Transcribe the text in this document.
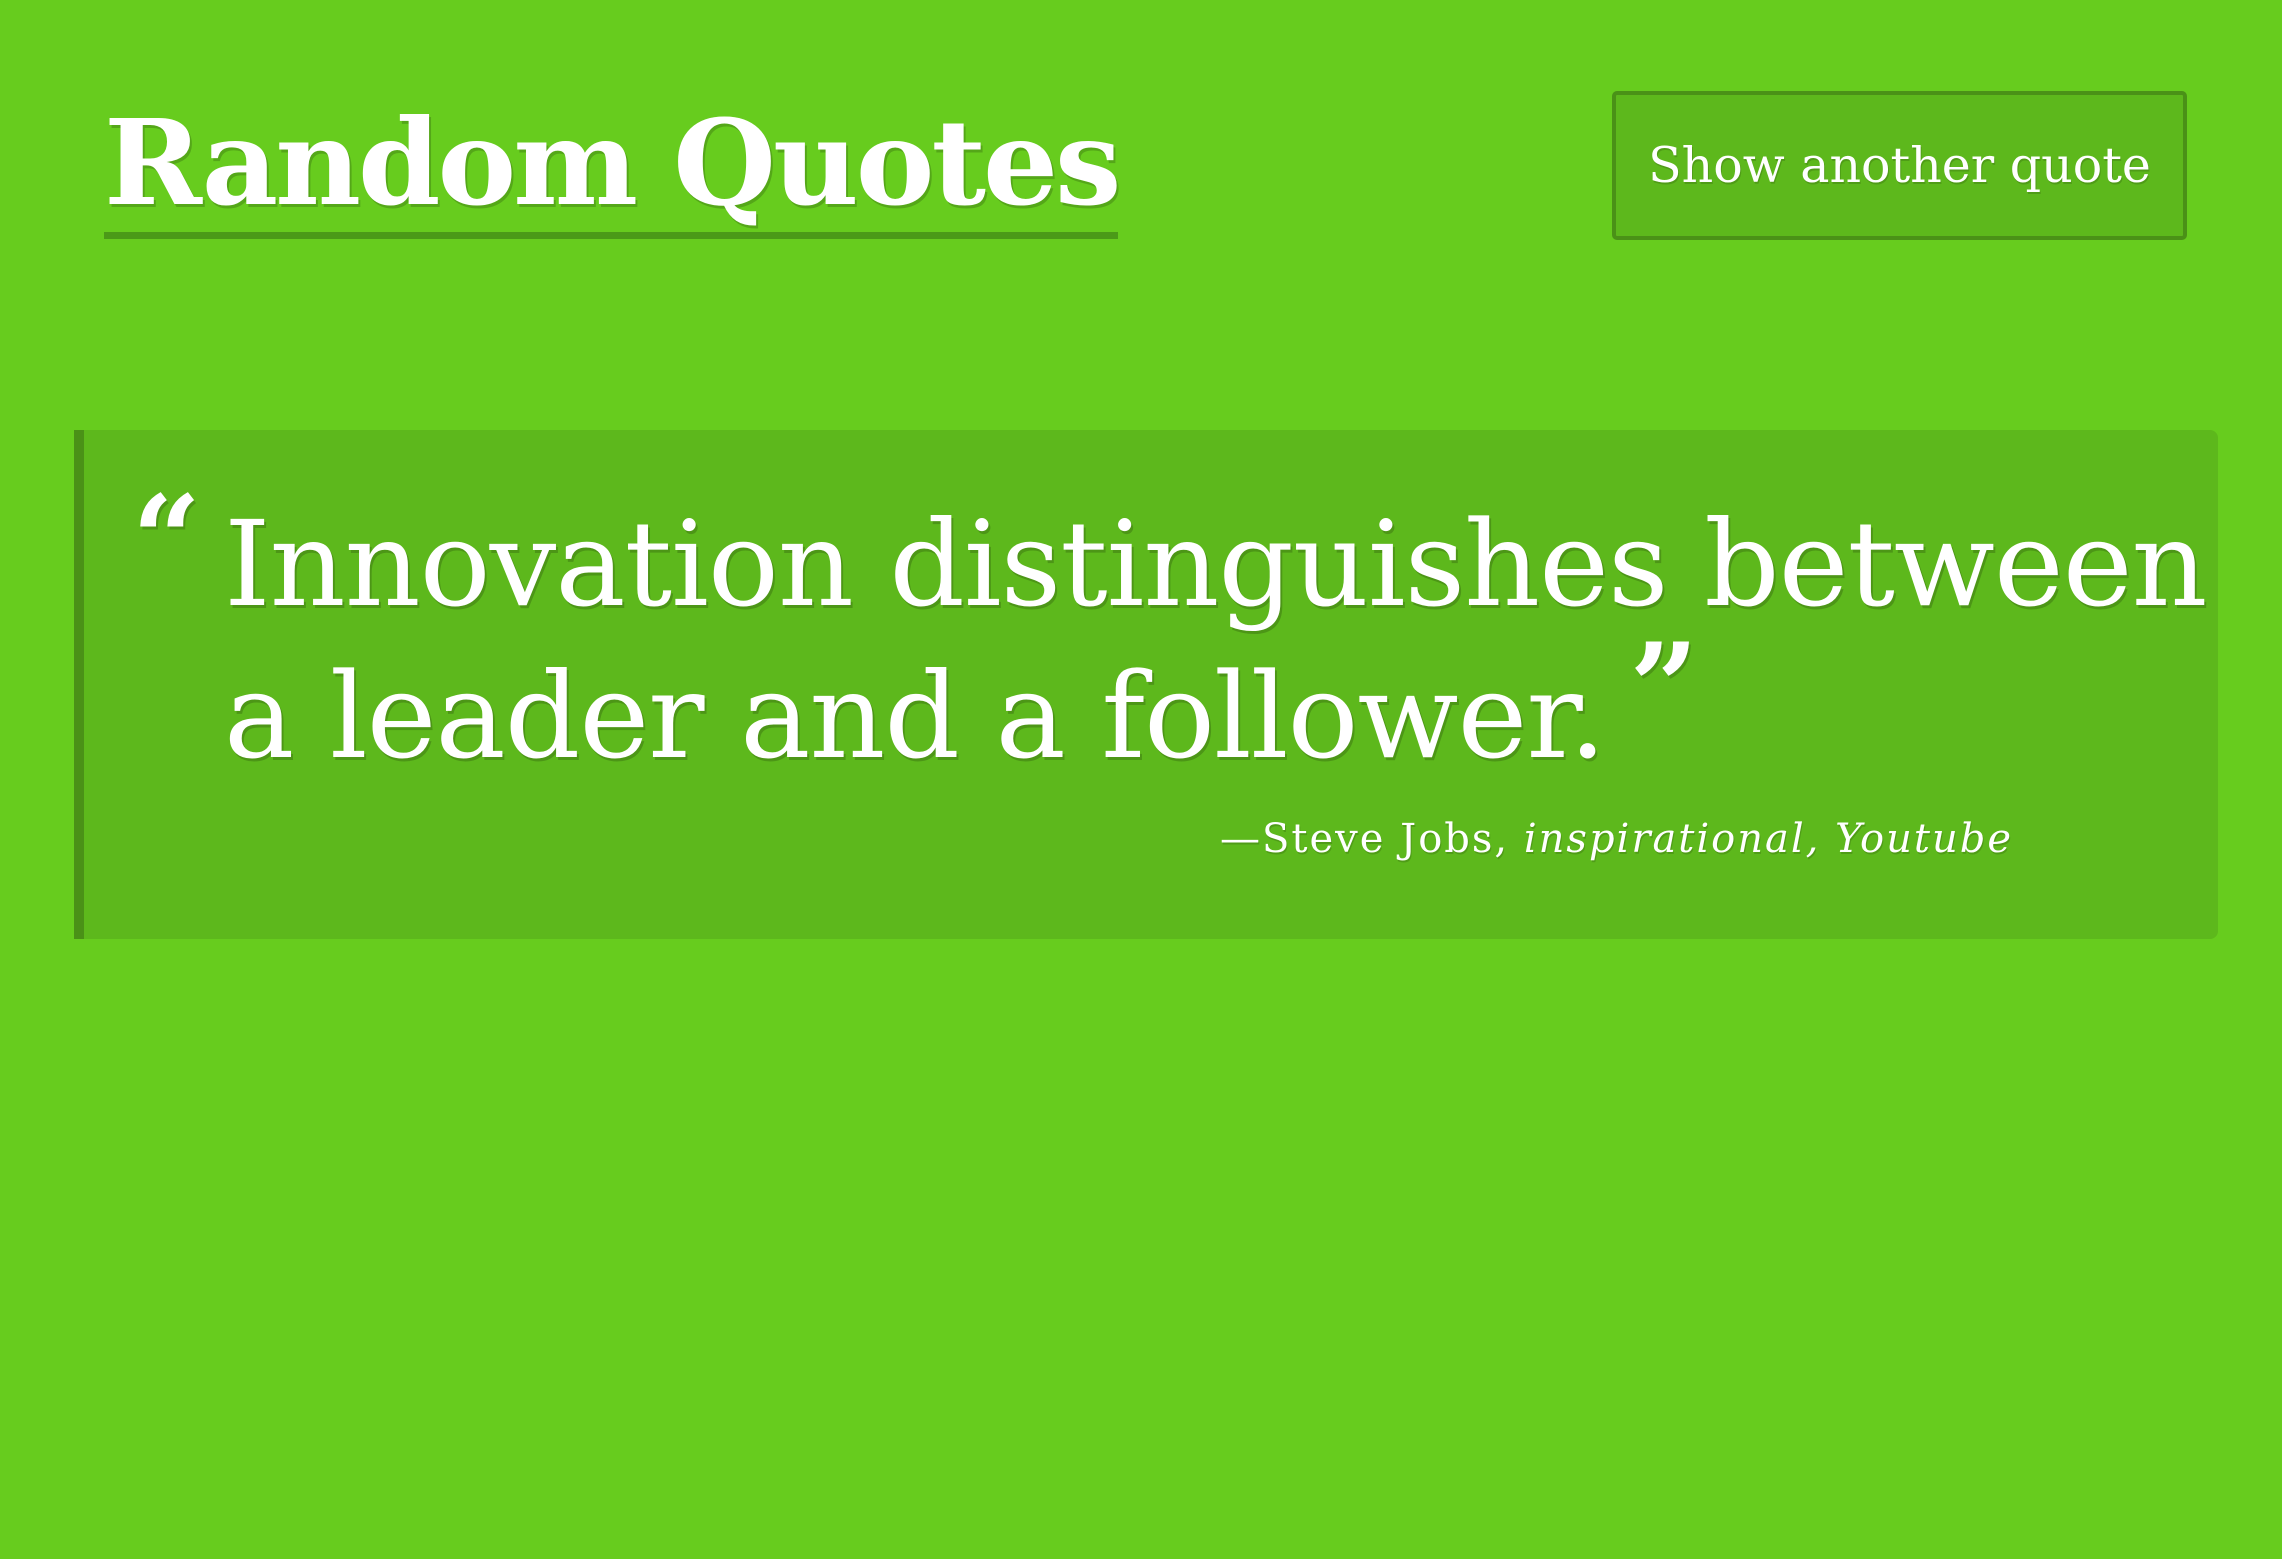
Random Quotes	Show another quote
“ Innovation distinguishes between a leader and a follower. ”

—Steve Jobs, inspirational, Youtube
